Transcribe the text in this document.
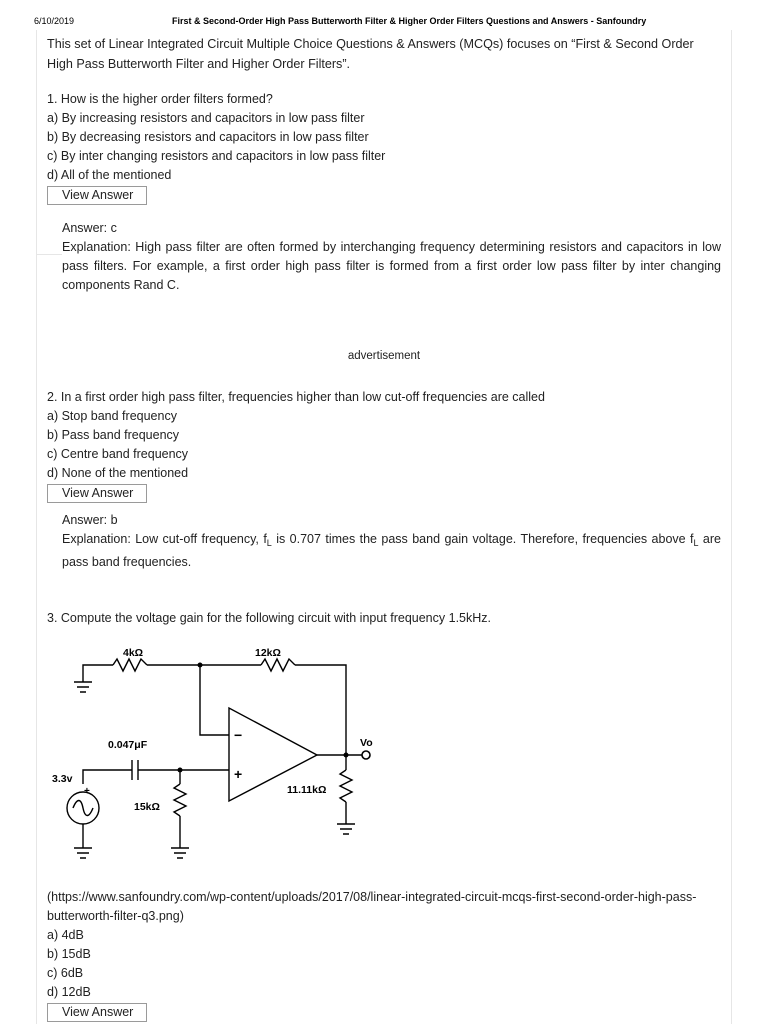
6/10/2019	First & Second-Order High Pass Butterworth Filter & Higher Order Filters Questions and Answers - Sanfoundry

This set of Linear Integrated Circuit Multiple Choice Questions & Answers (MCQs) focuses on “First & Second Order High Pass Butterworth Filter and Higher Order Filters”.

1. How is the higher order filters formed?

a) By increasing resistors and capacitors in low pass filter

b) By decreasing resistors and capacitors in low pass filter

c) By inter changing resistors and capacitors in low pass filter

d) All of the mentioned

View Answer

Answer: c

Explanation: High pass filter are often formed by interchanging frequency determining resistors and capacitors in low pass filters. For example, a first order high pass filter is formed from a first order low pass filter by inter changing components Rand C.

advertisement

2. In a first order high pass filter, frequencies higher than low cut-off frequencies are called

a) Stop band frequency

b) Pass band frequency

c) Centre band frequency

d) None of the mentioned

View Answer

Answer: b

Explanation: Low cut-off frequency, $f_L$ is 0.707 times the pass band gain voltage. Therefore, frequencies above $f_L$ are pass band frequencies.

3. Compute the voltage gain for the following circuit with input frequency 1.5kHz.

4kΩ	12kΩ
0.047μF
3.3v
15kΩ
11.11kΩ
Vo
−
+
+

(https://www.sanfoundry.com/wp-content/uploads/2017/08/linear-integrated-circuit-mcqs-first-second-order-high-pass-butterworth-filter-q3.png)

a) 4dB

b) 15dB

c) 6dB

d) 12dB

View Answer
